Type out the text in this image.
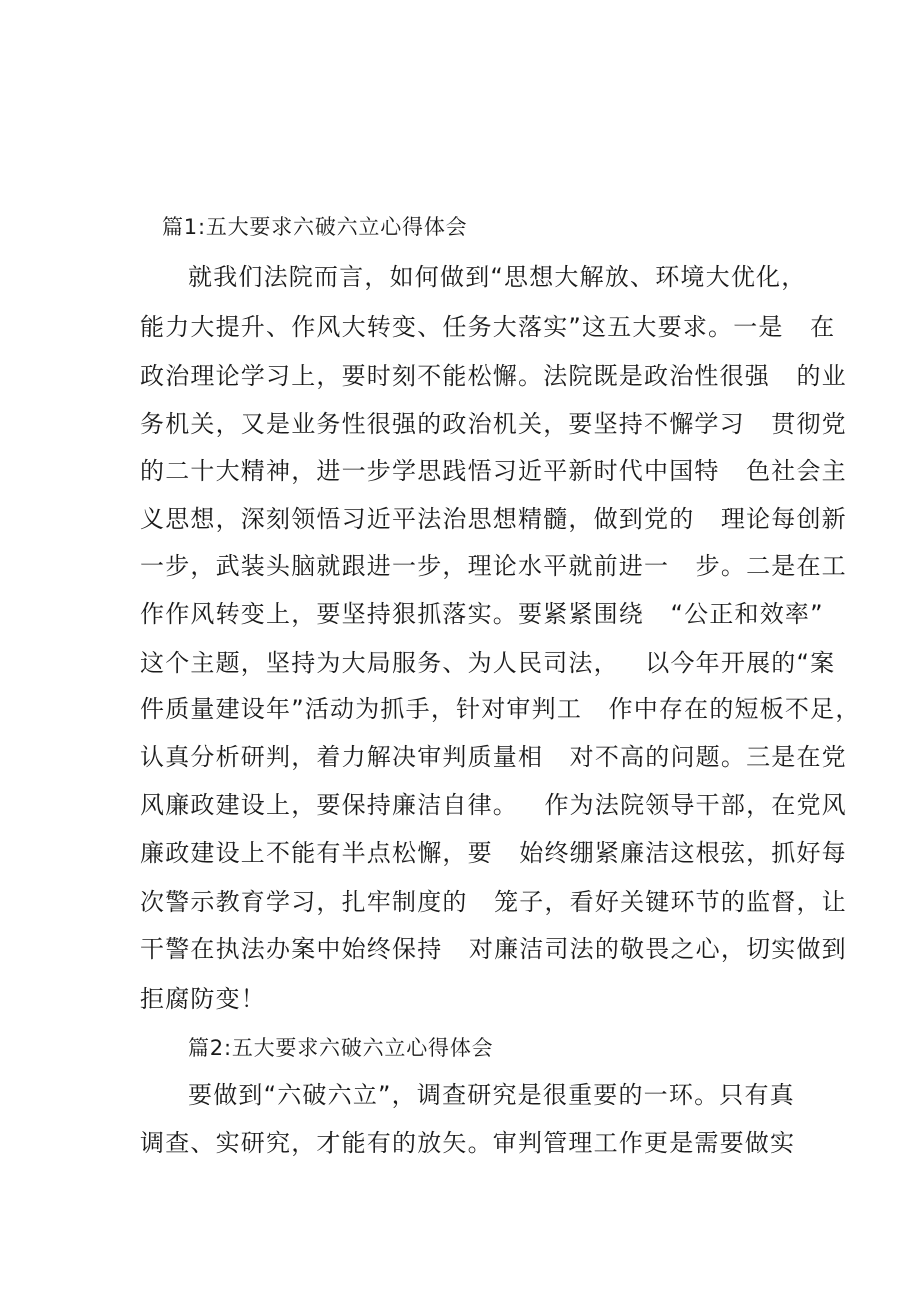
篇1:五大要求六破六立心得体会

就我们法院而言，如何做到“思想大解放、环境大优化，

能力大提升、作风大转变、任务大落实”这五大要求。一是   在

政治理论学习上，要时刻不能松懈。法院既是政治性很强   的业

务机关，又是业务性很强的政治机关，要坚持不懈学习   贯彻党

的二十大精神，进一步学思践悟习近平新时代中国特   色社会主

义思想，深刻领悟习近平法治思想精髓，做到党的   理论每创新

一步，武装头脑就跟进一步，理论水平就前进一   步。二是在工

作作风转变上，要坚持狠抓落实。要紧紧围绕   “公正和效率”

这个主题，坚持为大局服务、为人民司法，   以今年开展的“案

件质量建设年”活动为抓手，针对审判工   作中存在的短板不足，

认真分析研判，着力解决审判质量相   对不高的问题。三是在党

风廉政建设上，要保持廉洁自律。   作为法院领导干部，在党风

廉政建设上不能有半点松懈，要   始终绷紧廉洁这根弦，抓好每

次警示教育学习，扎牢制度的   笼子，看好关键环节的监督，让

干警在执法办案中始终保持   对廉洁司法的敬畏之心，切实做到

拒腐防变！

篇2:五大要求六破六立心得体会

要做到“六破六立”，调查研究是很重要的一环。只有真

调查、实研究，才能有的放矢。审判管理工作更是需要做实
